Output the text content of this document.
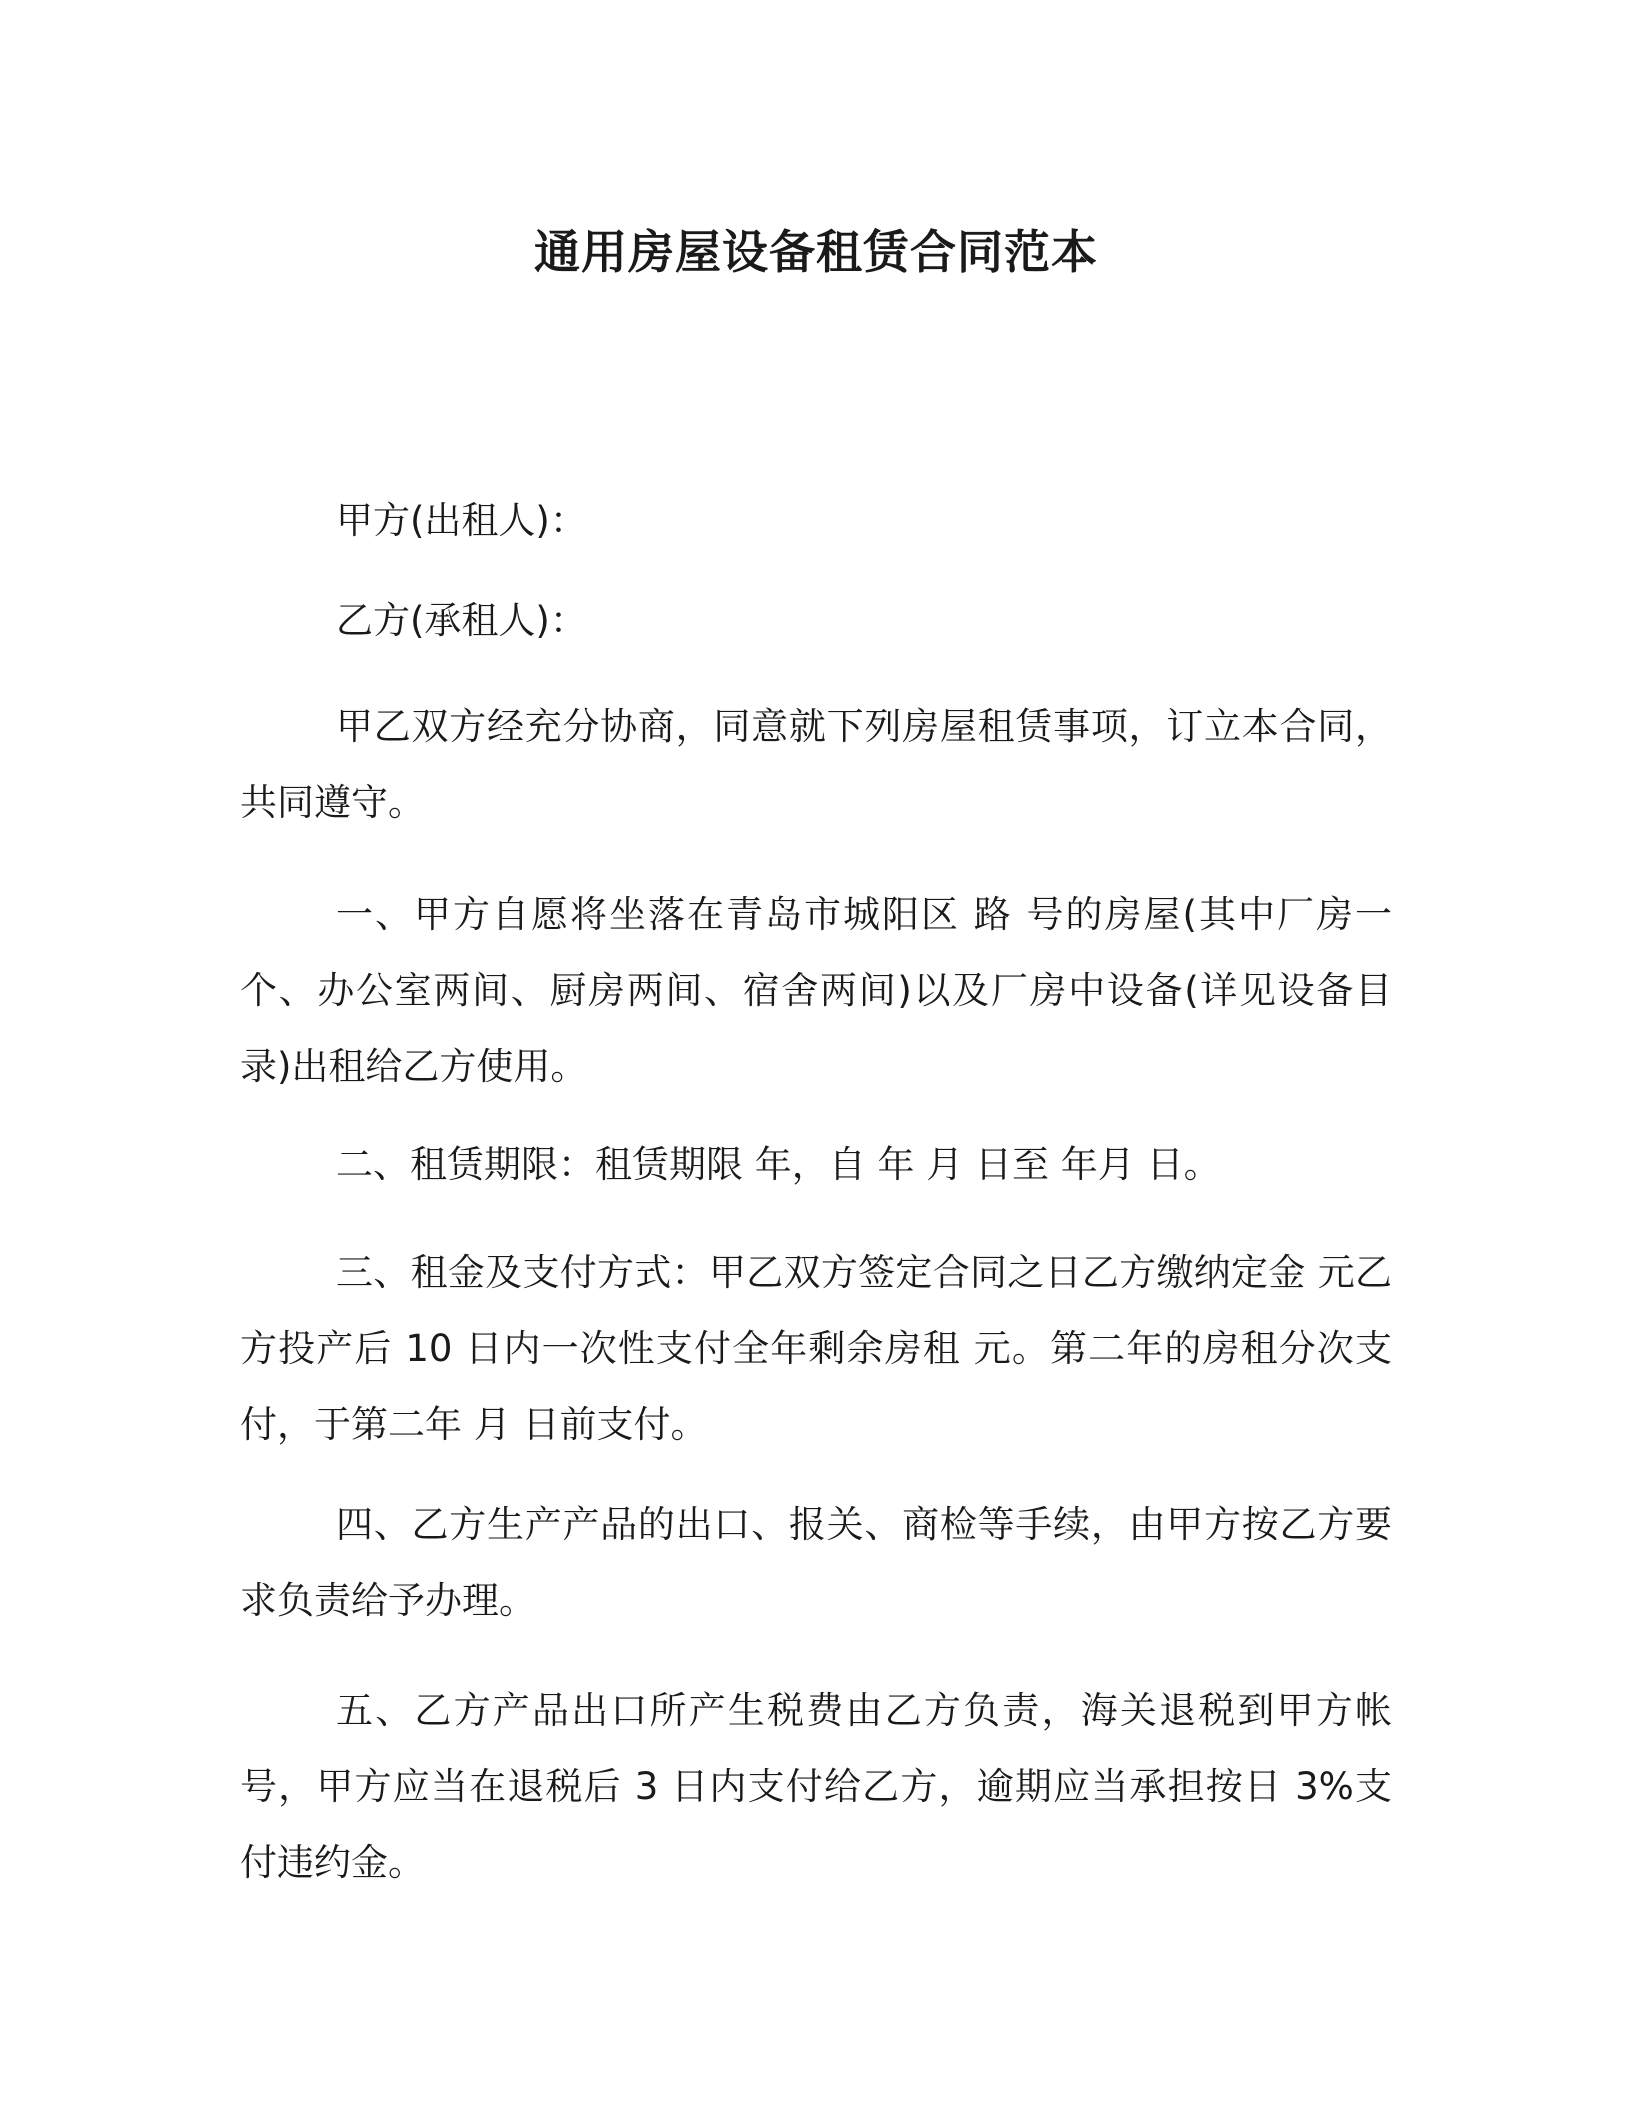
通用房屋设备租赁合同范本

甲方(出租人)：

乙方(承租人)：

甲乙双方经充分协商，同意就下列房屋租赁事项，订立本合同，共同遵守。

一、甲方自愿将坐落在青岛市城阳区 路 号的房屋(其中厂房一个、办公室两间、厨房两间、宿舍两间)以及厂房中设备(详见设备目录)出租给乙方使用。

二、租赁期限：租赁期限 年，自 年 月 日至 年月 日。

三、租金及支付方式：甲乙双方签定合同之日乙方缴纳定金 元乙方投产后 10 日内一次性支付全年剩余房租 元。第二年的房租分次支付，于第二年 月 日前支付。

四、乙方生产产品的出口、报关、商检等手续，由甲方按乙方要求负责给予办理。

五、乙方产品出口所产生税费由乙方负责，海关退税到甲方帐号，甲方应当在退税后 3 日内支付给乙方，逾期应当承担按日 3%支付违约金。
